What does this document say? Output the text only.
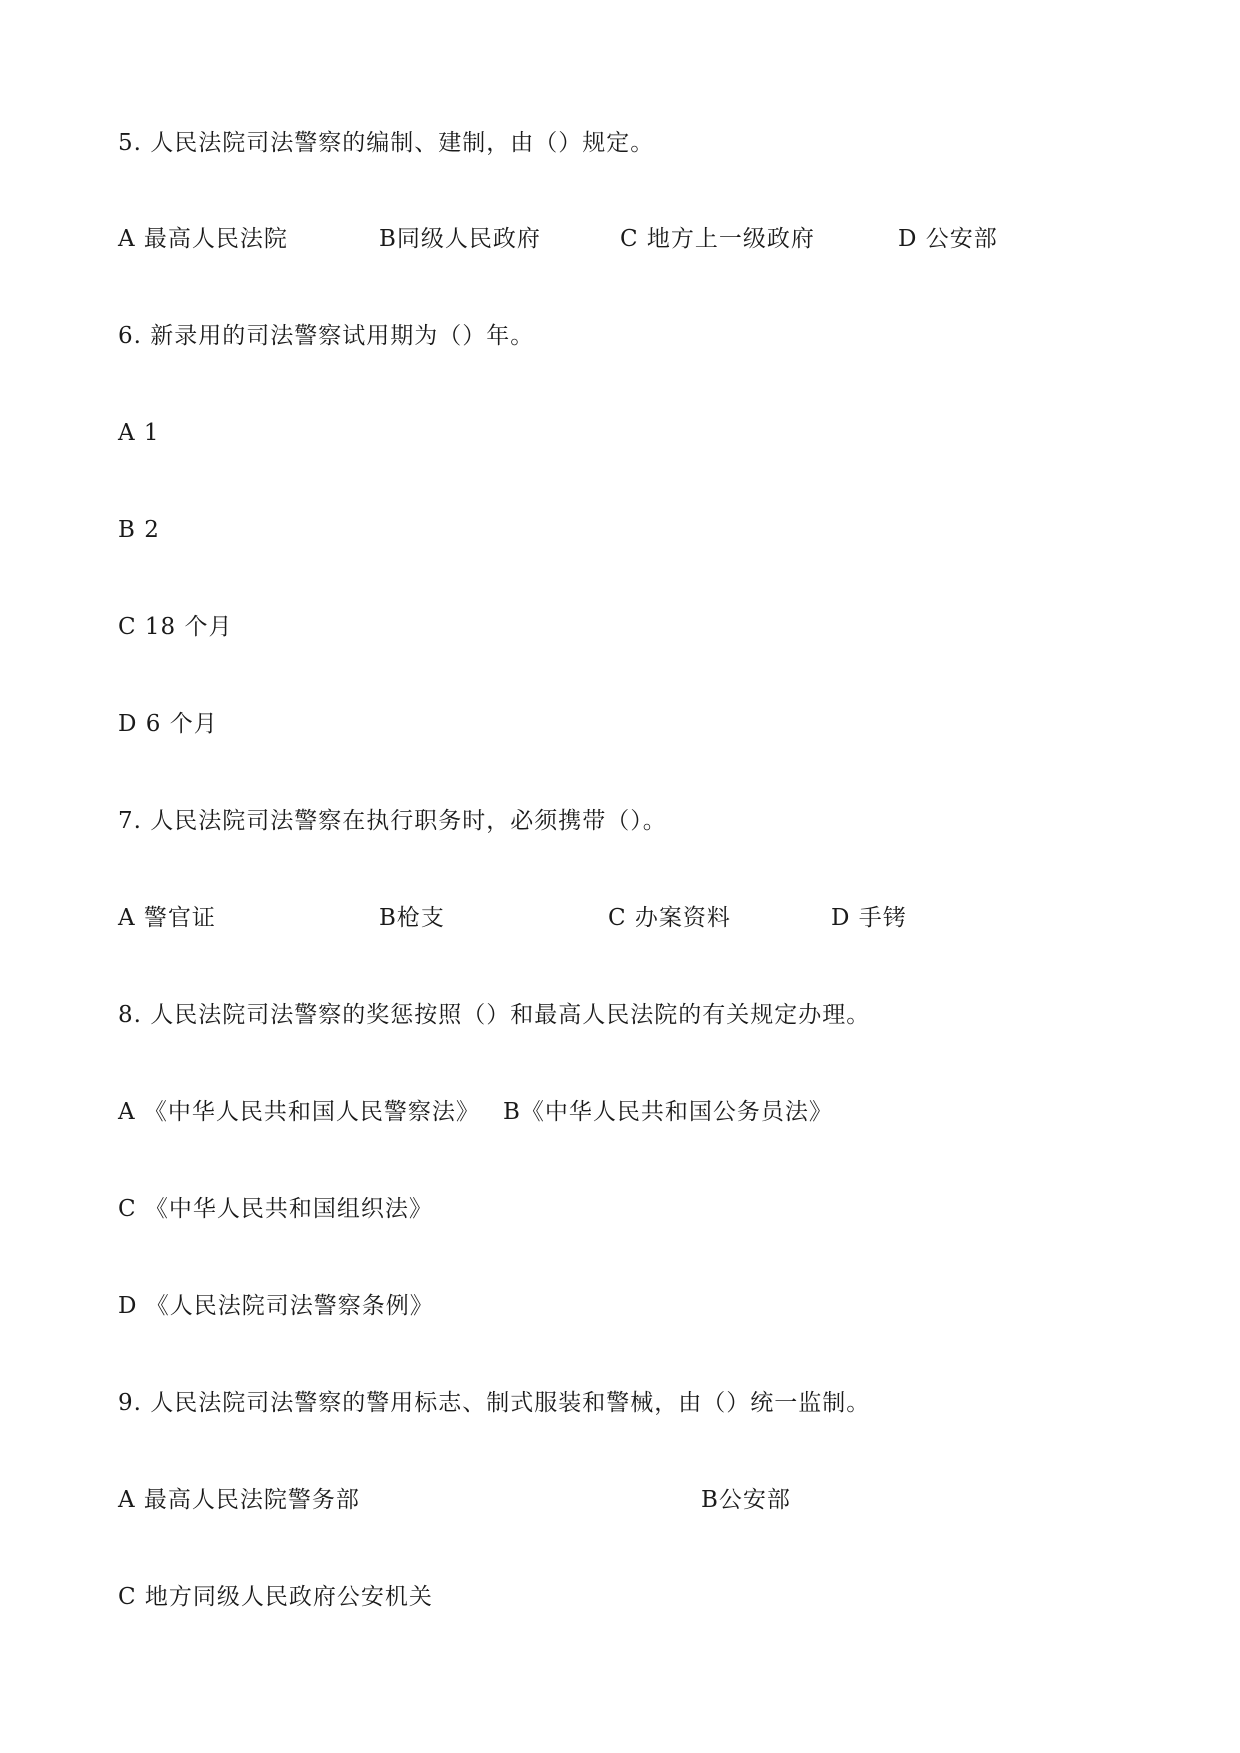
5. 人民法院司法警察的编制、建制，由（）规定。
A 最高人民法院	B同级人民政府	C 地方上一级政府	D 公安部
6. 新录用的司法警察试用期为（）年。
A 1
B 2
C 18 个月
D 6 个月
7. 人民法院司法警察在执行职务时，必须携带（）。
A 警官证	B枪支	C 办案资料	D 手铐
8. 人民法院司法警察的奖惩按照（）和最高人民法院的有关规定办理。
A 《中华人民共和国人民警察法》 B《中华人民共和国公务员法》
C 《中华人民共和国组织法》
D 《人民法院司法警察条例》
9. 人民法院司法警察的警用标志、制式服装和警械，由（）统一监制。
A 最高人民法院警务部	B公安部
C 地方同级人民政府公安机关
